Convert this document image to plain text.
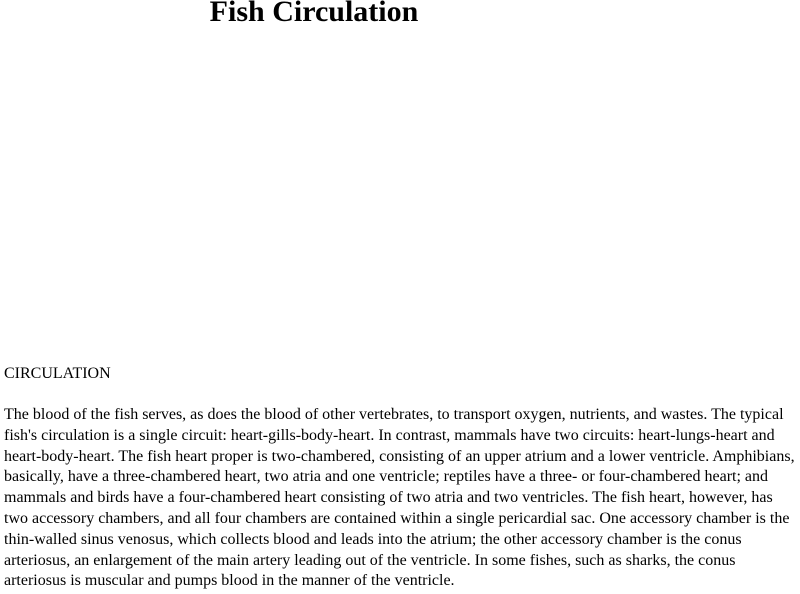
Fish Circulation

CIRCULATION

The blood of the fish serves, as does the blood of other vertebrates, to transport oxygen, nutrients, and wastes. The typical fish's circulation is a single circuit: heart-gills-body-heart. In contrast, mammals have two circuits: heart-lungs-heart and heart-body-heart. The fish heart proper is two-chambered, consisting of an upper atrium and a lower ventricle. Amphibians, basically, have a three-chambered heart, two atria and one ventricle; reptiles have a three- or four-chambered heart; and mammals and birds have a four-chambered heart consisting of two atria and two ventricles. The fish heart, however, has two accessory chambers, and all four chambers are contained within a single pericardial sac. One accessory chamber is the thin-walled sinus venosus, which collects blood and leads into the atrium; the other accessory chamber is the conus arteriosus, an enlargement of the main artery leading out of the ventricle. In some fishes, such as sharks, the conus arteriosus is muscular and pumps blood in the manner of the ventricle.
